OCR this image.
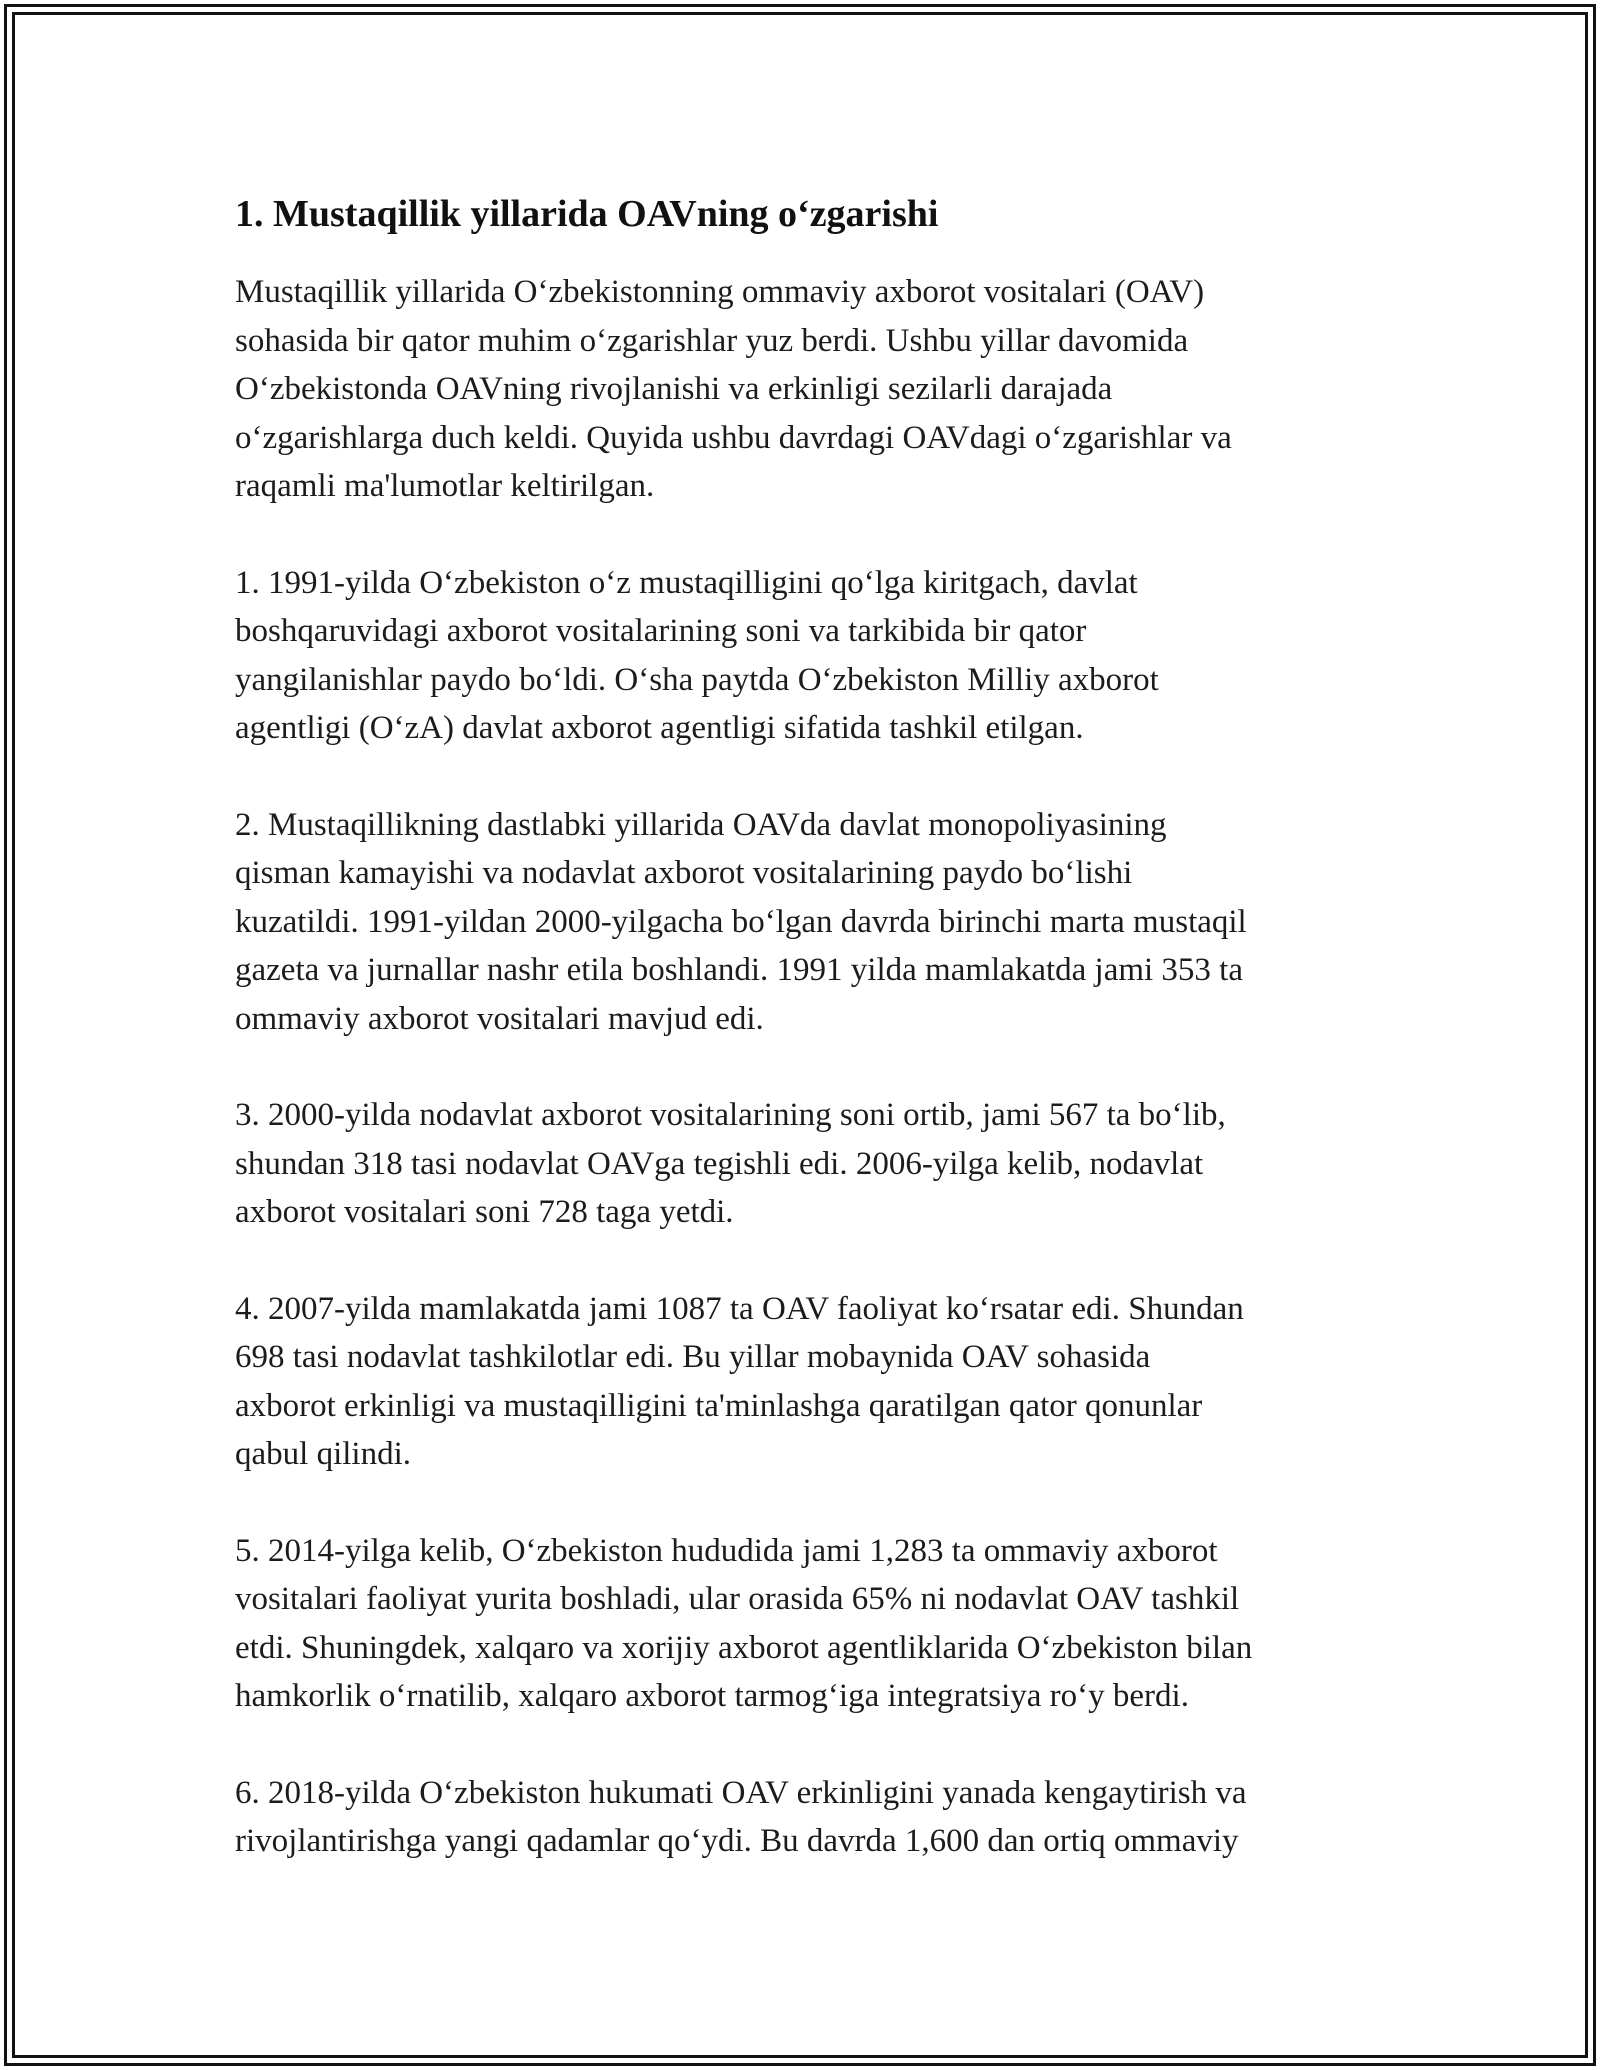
1. Mustaqillik yillarida OAVning o‘zgarishi

Mustaqillik yillarida O‘zbekistonning ommaviy axborot vositalari (OAV)
sohasida bir qator muhim o‘zgarishlar yuz berdi. Ushbu yillar davomida
O‘zbekistonda OAVning rivojlanishi va erkinligi sezilarli darajada
o‘zgarishlarga duch keldi. Quyida ushbu davrdagi OAVdagi o‘zgarishlar va
raqamli ma'lumotlar keltirilgan.

1. 1991-yilda O‘zbekiston o‘z mustaqilligini qo‘lga kiritgach, davlat
boshqaruvidagi axborot vositalarining soni va tarkibida bir qator
yangilanishlar paydo bo‘ldi. O‘sha paytda O‘zbekiston Milliy axborot
agentligi (O‘zA) davlat axborot agentligi sifatida tashkil etilgan.

2. Mustaqillikning dastlabki yillarida OAVda davlat monopoliyasining
qisman kamayishi va nodavlat axborot vositalarining paydo bo‘lishi
kuzatildi. 1991-yildan 2000-yilgacha bo‘lgan davrda birinchi marta mustaqil
gazeta va jurnallar nashr etila boshlandi. 1991 yilda mamlakatda jami 353 ta
ommaviy axborot vositalari mavjud edi.

3. 2000-yilda nodavlat axborot vositalarining soni ortib, jami 567 ta bo‘lib,
shundan 318 tasi nodavlat OAVga tegishli edi. 2006-yilga kelib, nodavlat
axborot vositalari soni 728 taga yetdi.

4. 2007-yilda mamlakatda jami 1087 ta OAV faoliyat ko‘rsatar edi. Shundan
698 tasi nodavlat tashkilotlar edi. Bu yillar mobaynida OAV sohasida
axborot erkinligi va mustaqilligini ta'minlashga qaratilgan qator qonunlar
qabul qilindi.

5. 2014-yilga kelib, O‘zbekiston hududida jami 1,283 ta ommaviy axborot
vositalari faoliyat yurita boshladi, ular orasida 65% ni nodavlat OAV tashkil
etdi. Shuningdek, xalqaro va xorijiy axborot agentliklarida O‘zbekiston bilan
hamkorlik o‘rnatilib, xalqaro axborot tarmog‘iga integratsiya ro‘y berdi.

6. 2018-yilda O‘zbekiston hukumati OAV erkinligini yanada kengaytirish va
rivojlantirishga yangi qadamlar qo‘ydi. Bu davrda 1,600 dan ortiq ommaviy
